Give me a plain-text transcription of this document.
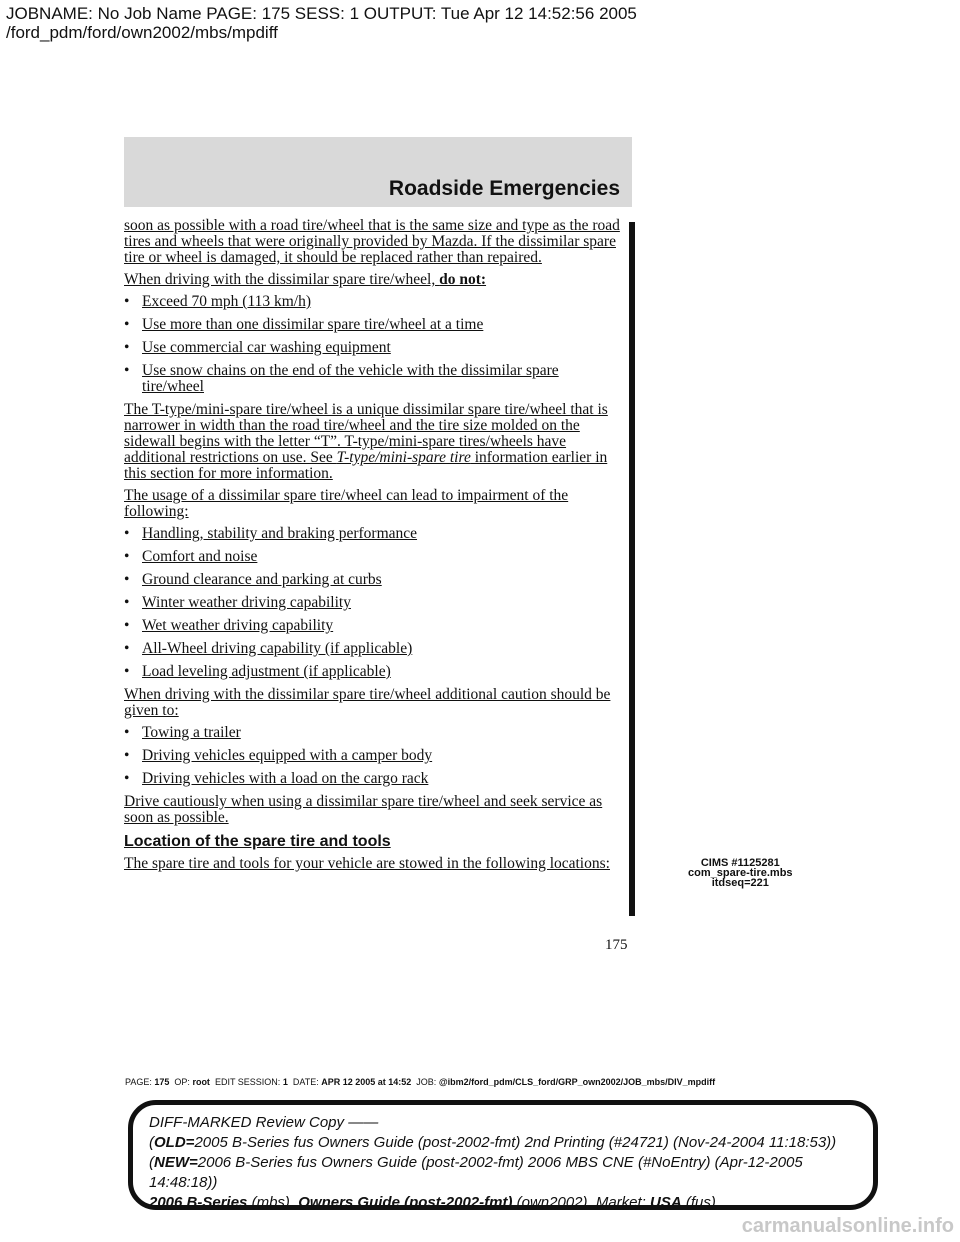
JOBNAME: No Job Name PAGE: 175 SESS: 1 OUTPUT: Tue Apr 12 14:52:56 2005
/ford_pdm/ford/own2002/mbs/mpdiff
Roadside Emergencies

soon as possible with a road tire/wheel that is the same size and type as the road tires and wheels that were originally provided by Mazda. If the dissimilar spare tire or wheel is damaged, it should be replaced rather than repaired.

When driving with the dissimilar spare tire/wheel, do not:

• Exceed 70 mph (113 km/h)

• Use more than one dissimilar spare tire/wheel at a time

• Use commercial car washing equipment

• Use snow chains on the end of the vehicle with the dissimilar spare tire/wheel

The T-type/mini-spare tire/wheel is a unique dissimilar spare tire/wheel that is narrower in width than the road tire/wheel and the tire size molded on the sidewall begins with the letter “T”. T-type/mini-spare tires/wheels have additional restrictions on use. See T-type/mini-spare tire information earlier in this section for more information.

The usage of a dissimilar spare tire/wheel can lead to impairment of the following:

• Handling, stability and braking performance

• Comfort and noise

• Ground clearance and parking at curbs

• Winter weather driving capability

• Wet weather driving capability

• All-Wheel driving capability (if applicable)

• Load leveling adjustment (if applicable)

When driving with the dissimilar spare tire/wheel additional caution should be given to:

• Towing a trailer

• Driving vehicles equipped with a camper body

• Driving vehicles with a load on the cargo rack

Drive cautiously when using a dissimilar spare tire/wheel and seek service as soon as possible.

Location of the spare tire and tools

The spare tire and tools for your vehicle are stowed in the following locations:	CIMS #1125281
com_spare-tire.mbs
itdseq=221
175
PAGE: 175 OP: root EDIT SESSION: 1 DATE: APR 12 2005 at 14:52 JOB: @ibm2/ford_pdm/CLS_ford/GRP_own2002/JOB_mbs/DIV_mpdiff
DIFF-MARKED Review Copy ——
(OLD=2005 B-Series fus Owners Guide (post-2002-fmt) 2nd Printing (#24721) (Nov-24-2004 11:18:53))
(NEW=2006 B-Series fus Owners Guide (post-2002-fmt) 2006 MBS CNE (#NoEntry) (Apr-12-2005 14:48:18))
2006 B-Series (mbs), Owners Guide (post-2002-fmt) (own2002), Market: USA (fus)
carmanualsonline.info
